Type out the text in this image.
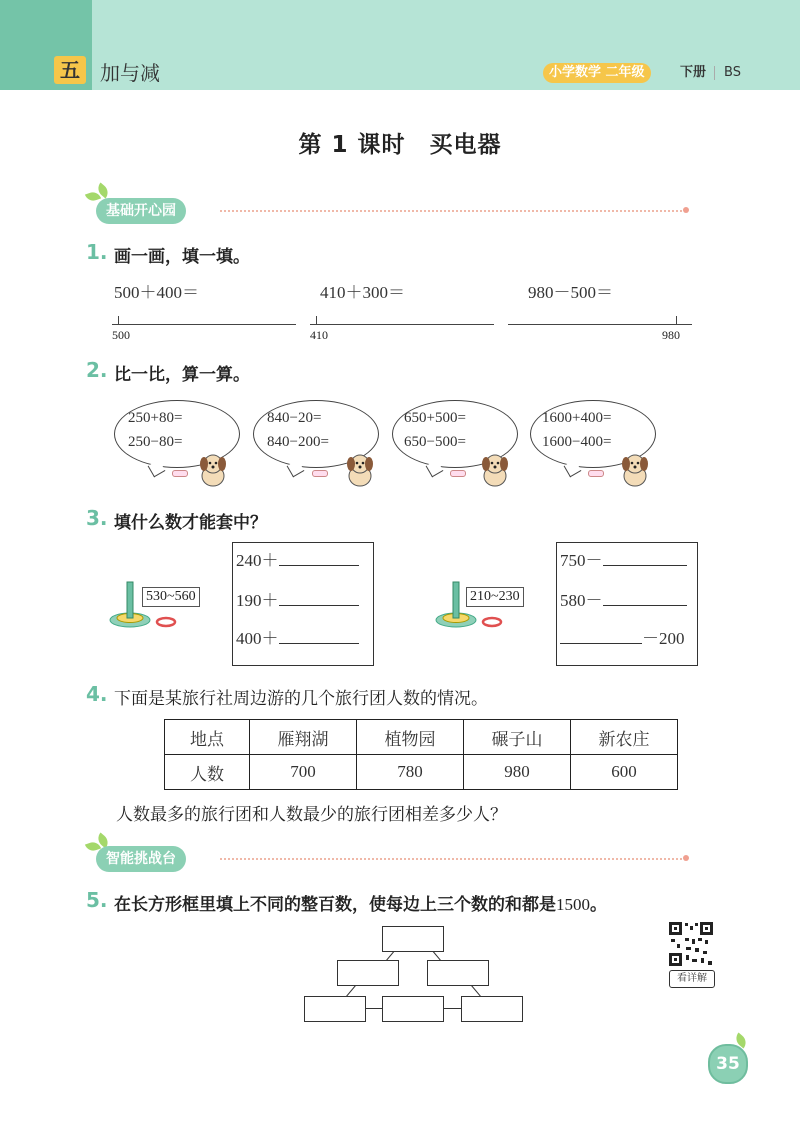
五	加与减	小学数学 二年级	下册 BS
第 1 课时　买电器
基础开心园
1. 画一画，填一填。
500＋400＝	410＋300＝	980－500＝
500	410	980
2. 比一比，算一算。
250+80=
250−80=
840−20=
840−200=
650+500=
650−500=
1600+400=
1600−400=
3. 填什么数才能套中？
530~560
240＋
190＋
400＋
210~230
750－
580－
－200
4. 下面是某旅行社周边游的几个旅行团人数的情况。
地点	雁翔湖	植物园	碾子山	新农庄
人数	700	780	980	600
人数最多的旅行团和人数最少的旅行团相差多少人？
智能挑战台
5. 在长方形框里填上不同的整百数，使每边上三个数的和都是1500。
看详解
35
